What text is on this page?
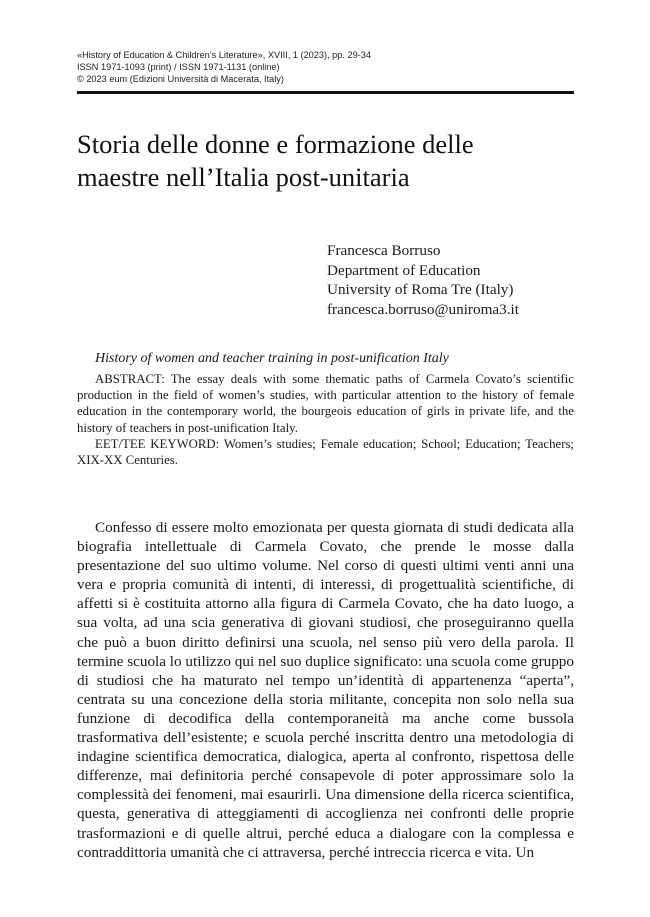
«History of Education & Children’s Literature», XVIII, 1 (2023), pp. 29-34
ISSN 1971-1093 (print) / ISSN 1971-1131 (online)
© 2023 eum (Edizioni Università di Macerata, Italy)
Storia delle donne e formazione delle
maestre nell’Italia post-unitaria
Francesca Borruso
Department of Education
University of Roma Tre (Italy)
francesca.borruso@uniroma3.it
History of women and teacher training in post-unification Italy

ABSTRACT: The essay deals with some thematic paths of Carmela Covato’s scientific production in the field of women’s studies, with particular attention to the history of female education in the contemporary world, the bourgeois education of girls in private life, and the history of teachers in post-unification Italy.

EET/TEE KEYWORD: Women’s studies; Female education; School; Education; Teachers; XIX-XX Centuries.

Confesso di essere molto emozionata per questa giornata di studi dedicata alla biografia intellettuale di Carmela Covato, che prende le mosse dalla presentazione del suo ultimo volume. Nel corso di questi ultimi venti anni una vera e propria comunità di intenti, di interessi, di progettualità scientifiche, di affetti si è costituita attorno alla figura di Carmela Covato, che ha dato luogo, a sua volta, ad una scia generativa di giovani studiosi, che proseguiranno quella che può a buon diritto definirsi una scuola, nel senso più vero della parola. Il termine scuola lo utilizzo qui nel suo duplice significato: una scuola come gruppo di studiosi che ha maturato nel tempo un’identità di appartenenza “aperta”, centrata su una concezione della storia militante, concepita non solo nella sua funzione di decodifica della contemporaneità ma anche come bussola trasformativa dell’esistente; e scuola perché inscritta dentro una metodologia di indagine scientifica democratica, dialogica, aperta al confronto, rispettosa delle differenze, mai definitoria perché consapevole di poter approssimare solo la complessità dei fenomeni, mai esaurirli. Una dimensione della ricerca scientifica, questa, generativa di atteggiamenti di accoglienza nei confronti delle proprie trasformazioni e di quelle altrui, perché educa a dialogare con la complessa e contraddittoria umanità che ci attraversa, perché intreccia ricerca e vita. Un
